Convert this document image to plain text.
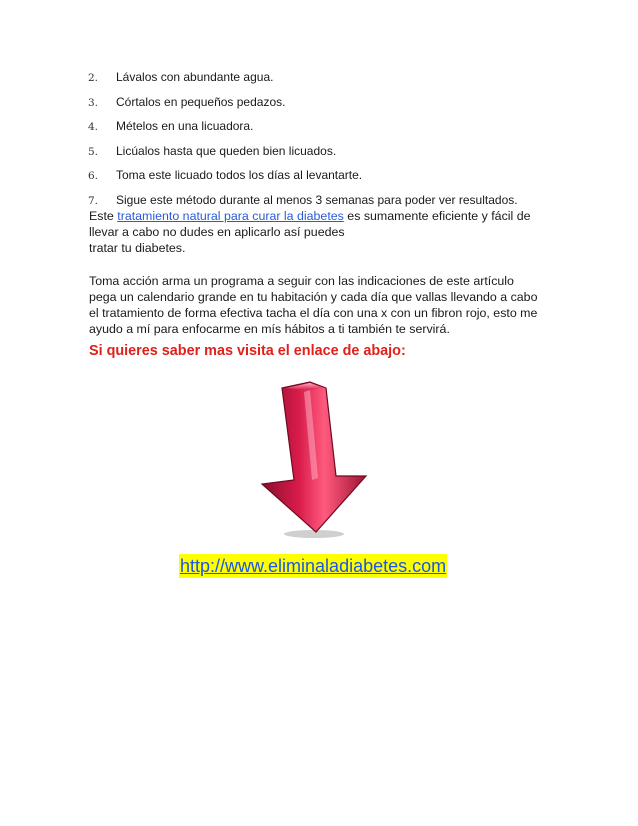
2.	Lávalos con abundante agua.
3.	Córtalos en pequeños pedazos.
4.	Mételos en una licuadora.
5.	Licúalos hasta que queden bien licuados.
6.	Toma este licuado todos los días al levantarte.
7.	Sigue este método durante al menos 3 semanas para poder ver resultados.

Este tratamiento natural para curar la diabetes es sumamente eficiente y fácil de
llevar a cabo no dudes en aplicarlo así puedes
tratar tu diabetes.

Toma acción arma un programa a seguir con las indicaciones de este artículo
pega un calendario grande en tu habitación y cada día que vallas llevando a cabo
el tratamiento de forma efectiva tacha el día con una x con un fibron rojo, esto me
ayudo a mí para enfocarme en mís hábitos a ti también te servirá.

Si quieres saber mas visita el enlace de abajo:

http://www.eliminaladiabetes.com
